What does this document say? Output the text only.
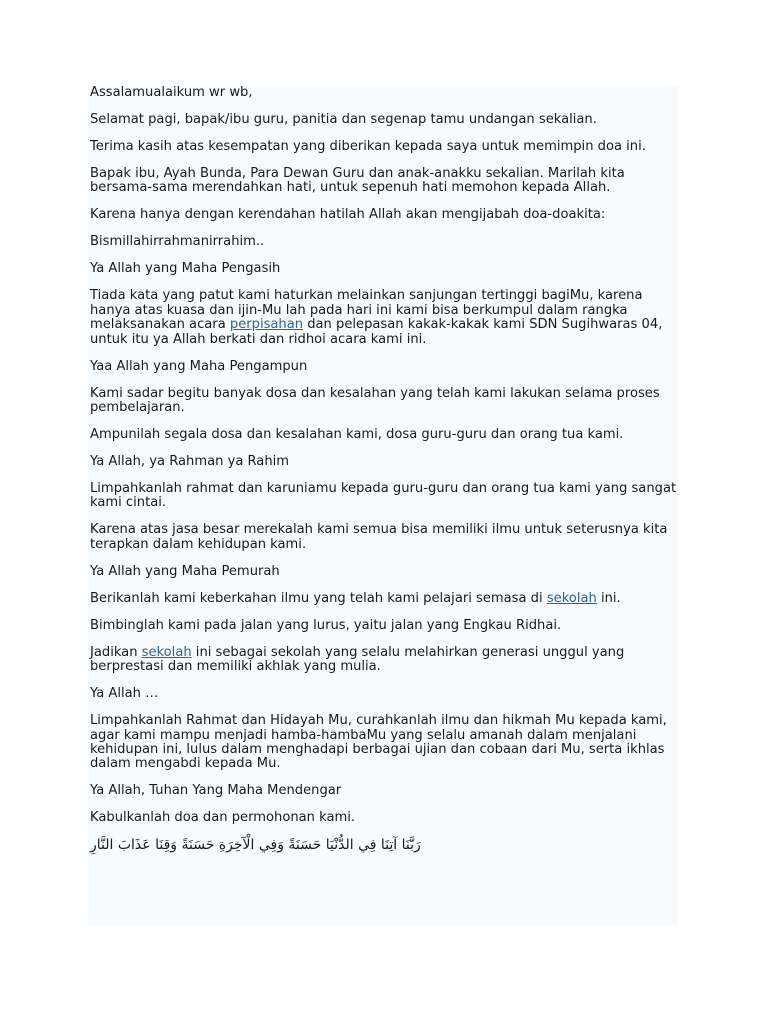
Assalamualaikum wr wb,

Selamat pagi, bapak/ibu guru, panitia dan segenap tamu undangan sekalian.

Terima kasih atas kesempatan yang diberikan kepada saya untuk memimpin doa ini.

Bapak ibu, Ayah Bunda, Para Dewan Guru dan anak-anakku sekalian. Marilah kita bersama-sama merendahkan hati, untuk sepenuh hati memohon kepada Allah.

Karena hanya dengan kerendahan hatilah Allah akan mengijabah doa-doakita:

Bismillahirrahmanirrahim..

Ya Allah yang Maha Pengasih

Tiada kata yang patut kami haturkan melainkan sanjungan tertinggi bagiMu, karena hanya atas kuasa dan ijin-Mu lah pada hari ini kami bisa berkumpul dalam rangka melaksanakan acara perpisahan dan pelepasan kakak-kakak kami SDN Sugihwaras 04, untuk itu ya Allah berkati dan ridhoi acara kami ini.

Yaa Allah yang Maha Pengampun

Kami sadar begitu banyak dosa dan kesalahan yang telah kami lakukan selama proses pembelajaran.

Ampunilah segala dosa dan kesalahan kami, dosa guru-guru dan orang tua kami.

Ya Allah, ya Rahman ya Rahim

Limpahkanlah rahmat dan karuniamu kepada guru-guru dan orang tua kami yang sangat kami cintai.

Karena atas jasa besar merekalah kami semua bisa memiliki ilmu untuk seterusnya kita terapkan dalam kehidupan kami.

Ya Allah yang Maha Pemurah

Berikanlah kami keberkahan ilmu yang telah kami pelajari semasa di sekolah ini.

Bimbinglah kami pada jalan yang lurus, yaitu jalan yang Engkau Ridhai.

Jadikan sekolah ini sebagai sekolah yang selalu melahirkan generasi unggul yang berprestasi dan memiliki akhlak yang mulia.

Ya Allah …

Limpahkanlah Rahmat dan Hidayah Mu, curahkanlah ilmu dan hikmah Mu kepada kami, agar kami mampu menjadi hamba-hambaMu yang selalu amanah dalam menjalani kehidupan ini, lulus dalam menghadapi berbagai ujian dan cobaan dari Mu, serta ikhlas dalam mengabdi kepada Mu.

Ya Allah, Tuhan Yang Maha Mendengar

Kabulkanlah doa dan permohonan kami.

رَبَّنَا آتِنَا فِي الدُّنْيَا حَسَنَةً وَفِي الْآخِرَةِ حَسَنَةً وَقِنَا عَذَابَ النَّارِ
